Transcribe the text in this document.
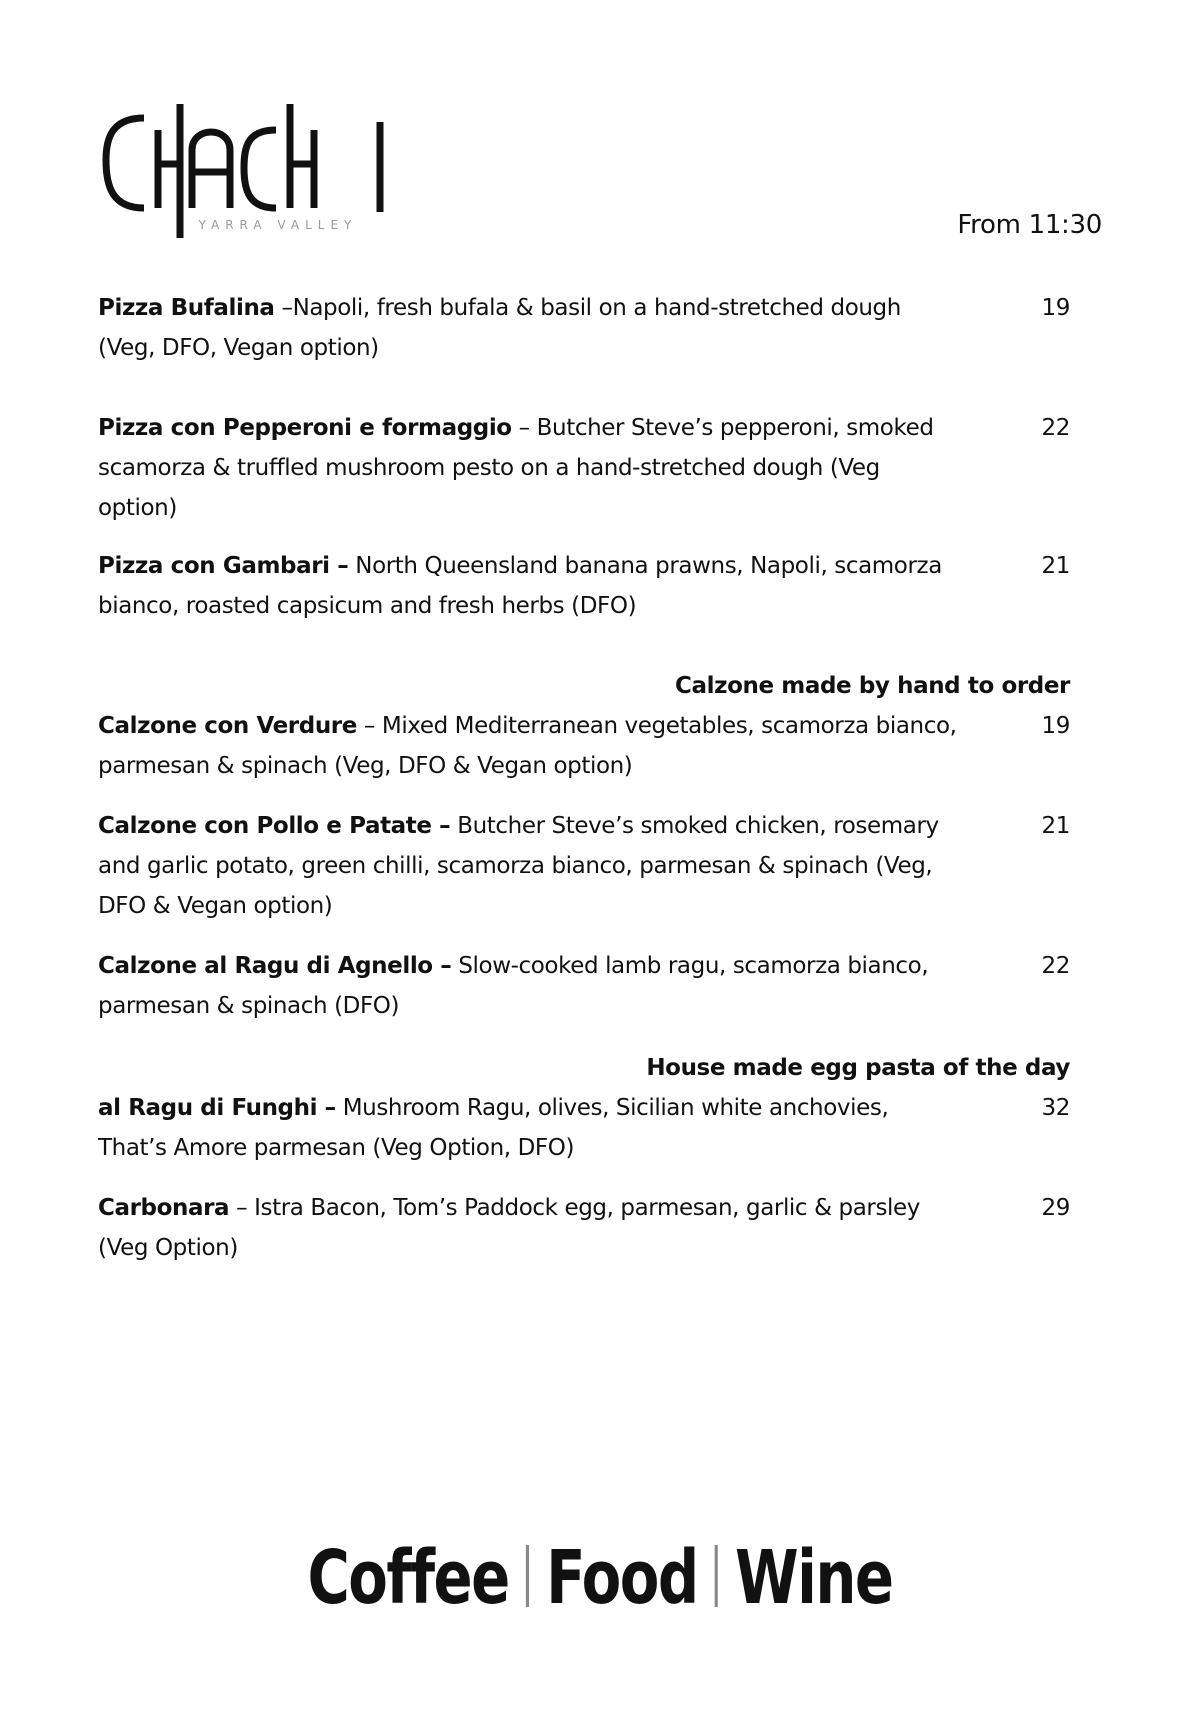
YARRA VALLEY	From 11:30
Pizza Bufalina –Napoli, fresh bufala & basil on a hand-stretched dough (Veg, DFO, Vegan option)
19
Pizza con Pepperoni e formaggio – Butcher Steve’s pepperoni, smoked scamorza & truffled mushroom pesto on a hand-stretched dough (Veg option)
22
Pizza con Gambari – North Queensland banana prawns, Napoli, scamorza bianco, roasted capsicum and fresh herbs (DFO)
21
Calzone made by hand to order
Calzone con Verdure – Mixed Mediterranean vegetables, scamorza bianco, parmesan & spinach (Veg, DFO & Vegan option)
19
Calzone con Pollo e Patate – Butcher Steve’s smoked chicken, rosemary and garlic potato, green chilli, scamorza bianco, parmesan & spinach (Veg, DFO & Vegan option)
21
Calzone al Ragu di Agnello – Slow-cooked lamb ragu, scamorza bianco, parmesan & spinach (DFO)
22
House made egg pasta of the day
al Ragu di Funghi – Mushroom Ragu, olives, Sicilian white anchovies, That’s Amore parmesan (Veg Option, DFO)
32
Carbonara – Istra Bacon, Tom’s Paddock egg, parmesan, garlic & parsley (Veg Option)
29
Coffee Food Wine
